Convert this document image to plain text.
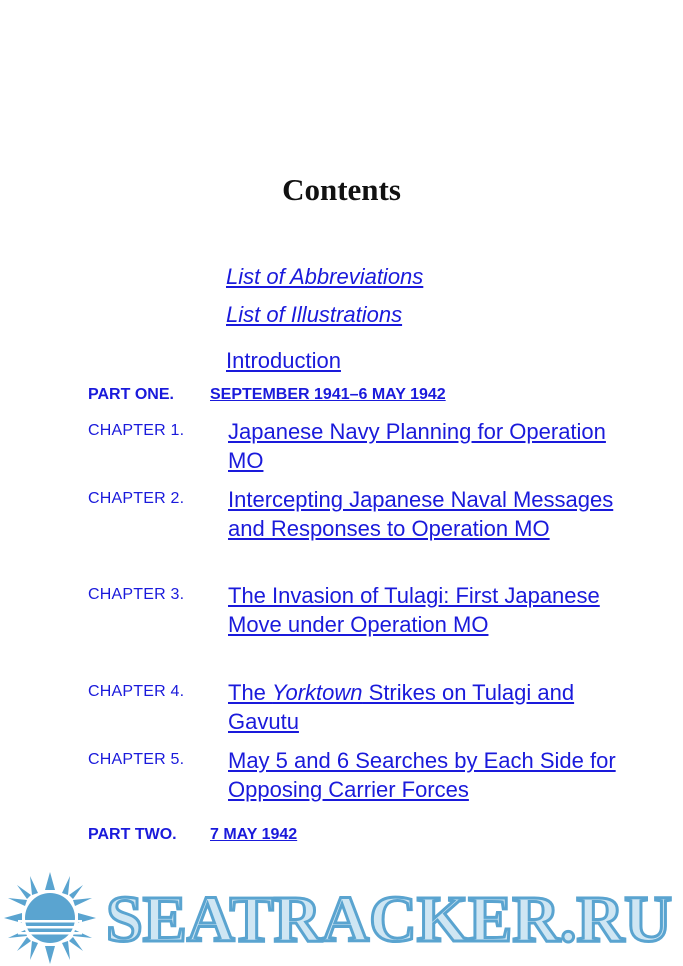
Contents
List of Abbreviations
List of Illustrations
Introduction
PART ONE. SEPTEMBER 1941–6 MAY 1942
CHAPTER 1. Japanese Navy Planning for Operation MO
CHAPTER 2. Intercepting Japanese Naval Messages and Responses to Operation MO
CHAPTER 3. The Invasion of Tulagi: First Japanese Move under Operation MO
CHAPTER 4. The Yorktown Strikes on Tulagi and Gavutu
CHAPTER 5. May 5 and 6 Searches by Each Side for Opposing Carrier Forces
PART TWO. 7 MAY 1942
SEATRACKER.RU
